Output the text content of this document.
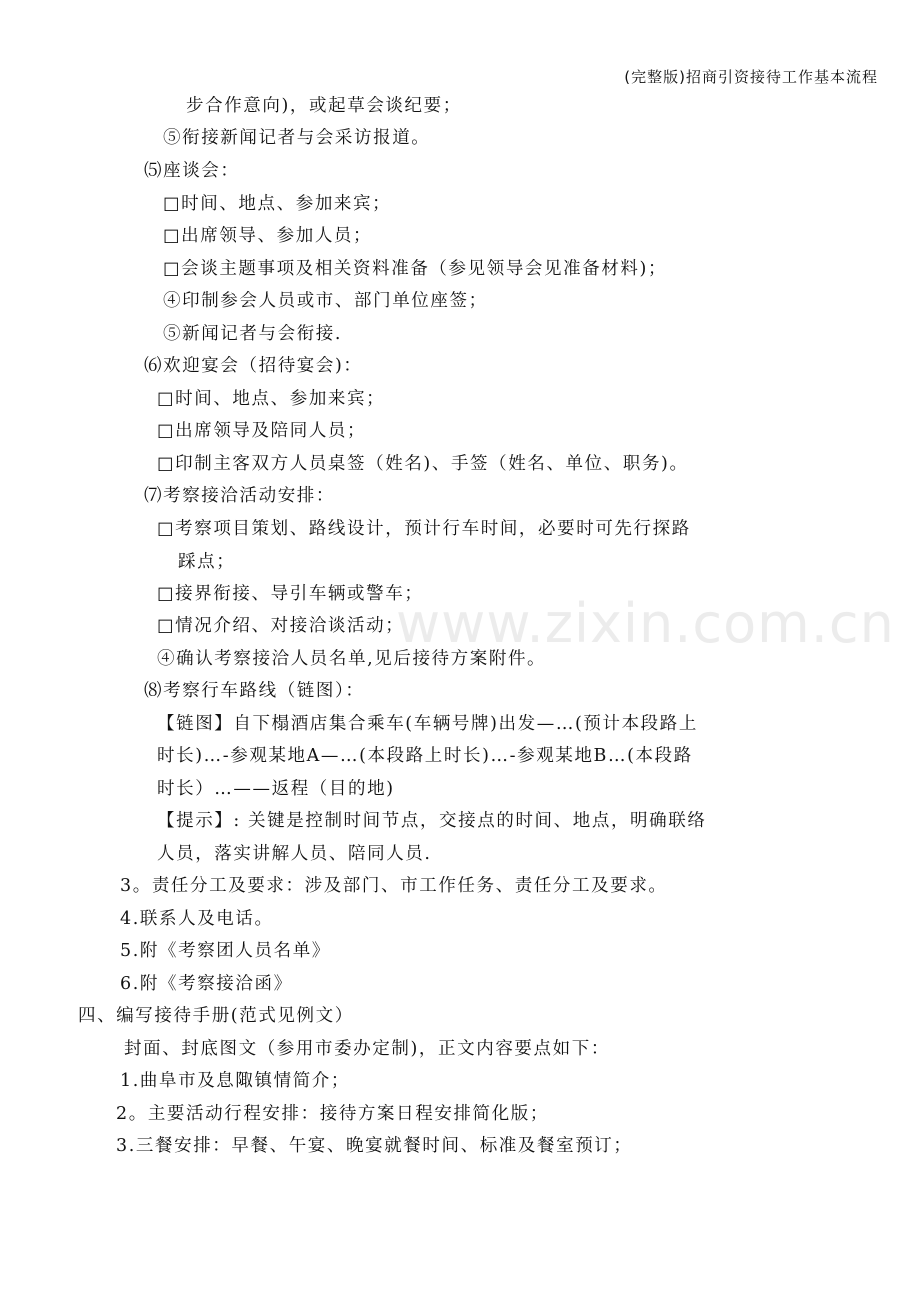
(完整版)招商引资接待工作基本流程
www.zixin.com.cn
步合作意向)，或起草会谈纪要；
⑤衔接新闻记者与会采访报道。
⑸座谈会：
□时间、地点、参加来宾；
□出席领导、参加人员；
□会谈主题事项及相关资料准备（参见领导会见准备材料)；
④印制参会人员或市、部门单位座签；
⑤新闻记者与会衔接.
⑹欢迎宴会（招待宴会)：
□时间、地点、参加来宾；
□出席领导及陪同人员；
□印制主客双方人员桌签（姓名)、手签（姓名、单位、职务)。
⑺考察接洽活动安排：
□考察项目策划、路线设计，预计行车时间，必要时可先行探路
踩点；
□接界衔接、导引车辆或警车；
□情况介绍、对接洽谈活动；
④确认考察接洽人员名单,见后接待方案附件。
⑻考察行车路线（链图）：
【链图】自下榻酒店集合乘车(车辆号牌)出发—…(预计本段路上
时长)…-参观某地A—…(本段路上时长)…-参观某地B…(本段路
时长）…——返程（目的地)
【提示】: 关键是控制时间节点，交接点的时间、地点，明确联络
人员，落实讲解人员、陪同人员.
3。责任分工及要求：涉及部门、市工作任务、责任分工及要求。
4.联系人及电话。
5.附《考察团人员名单》
6.附《考察接洽函》
四、编写接待手册(范式见例文）
封面、封底图文（参用市委办定制)，正文内容要点如下：
1.曲阜市及息陬镇情简介；
2。主要活动行程安排：接待方案日程安排简化版；
3.三餐安排：早餐、午宴、晚宴就餐时间、标准及餐室预订；
